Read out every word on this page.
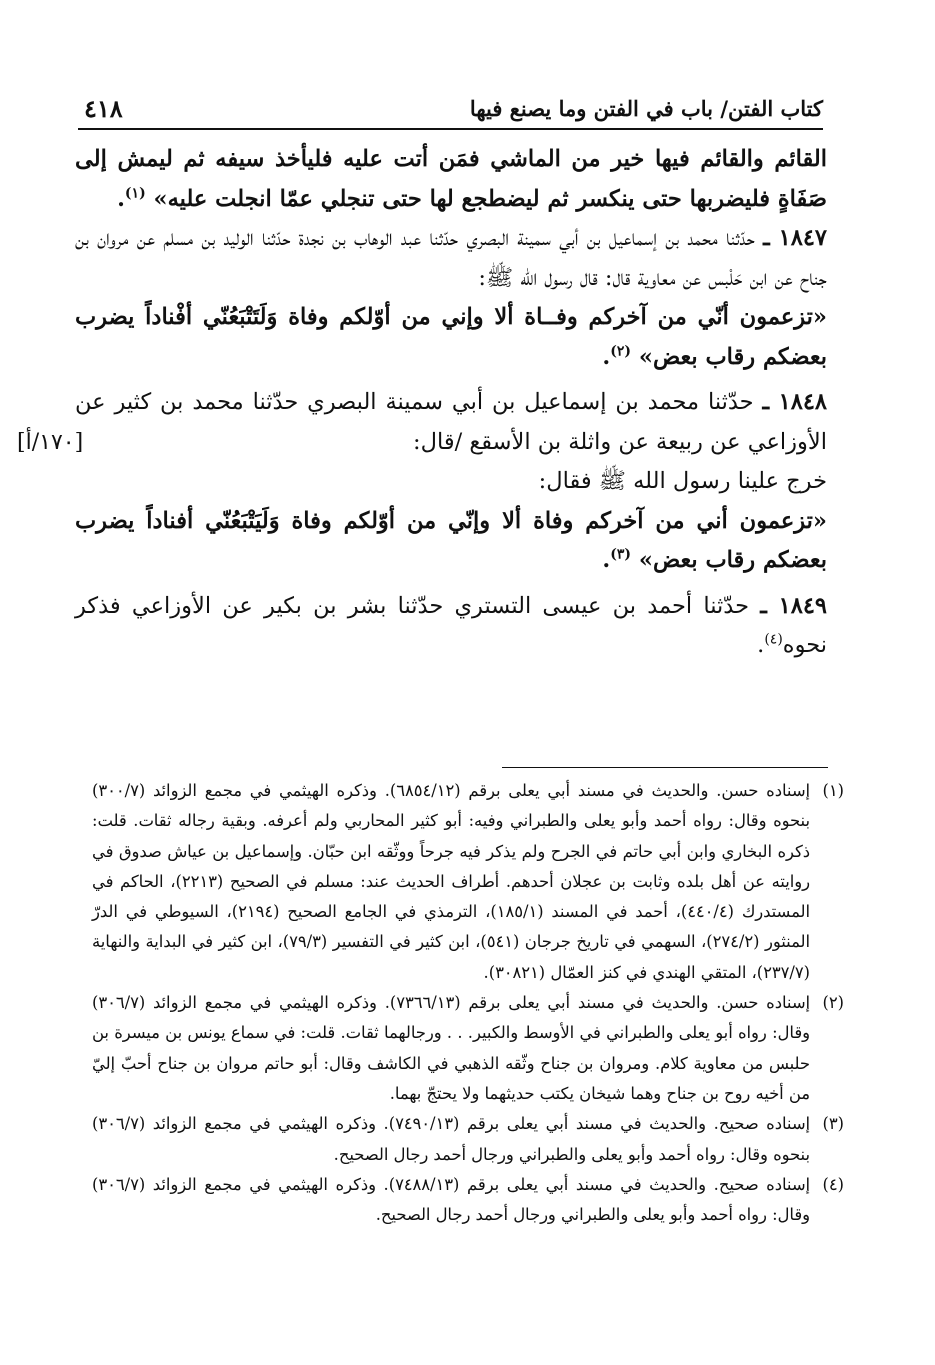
كتاب الفتن/ باب في الفتن وما يصنع فيها
٤١٨

القائم والقائم فيها خير من الماشي فمَن أتت عليه فليأخذ سيفه ثم ليمش إلى صَفَاةٍ فليضربها حتى ينكسر ثم ليضطجع لها حتى تنجلي عمّا انجلت عليه» $^{(١)}$.

١٨٤٧ ـ حدّثنا محمد بن إسماعيل بن أبي سمينة البصري حدّثنا عبد الوهاب بن نجدة حدّثنا الوليد بن مسلم عن مروان بن جناح عن ابن حَلْبس عن معاوية قال: قال رسول الله ﷺ:

«تزعمون أنّي من آخركم وفــاة ألا وإني من أوّلكم وفاة وَلَتَتْبَعُنّي أفْناداً يضرب بعضكم رقاب بعض» $^{(٢)}$.

١٨٤٨ ـ حدّثنا محمد بن إسماعيل بن أبي سمينة البصري حدّثنا محمد بن كثير عن الأوزاعي عن ربيعة عن واثلة بن الأسقع /قال:
[١٧٠/أ]

خرج علينا رسول الله ﷺ فقال:

«تزعمون أني من آخركم وفاة ألا وإنّي من أوّلكم وفاة وَلَيَتْبَعُنّي أفناداً يضرب بعضكم رقاب بعض» $^{(٣)}$.

١٨٤٩ ـ حدّثنا أحمد بن عيسى التستري حدّثنا بشر بن بكير عن الأوزاعي فذكر نحوه$^{(٤)}$.

(١)إسناده حسن. والحديث في مسند أبي يعلى برقم (٦٨٥٤/١٢). وذكره الهيثمي في مجمع الزوائد (٣٠٠/٧) بنحوه وقال: رواه أحمد وأبو يعلى والطبراني وفيه: أبو كثير المحاربي ولم أعرفه. وبقية رجاله ثقات. قلت: ذكره البخاري وابن أبي حاتم في الجرح ولم يذكر فيه جرحاً ووثّقه ابن حبّان. وإسماعيل بن عياش صدوق في روايته عن أهل بلده وثابت بن عجلان أحدهم. أطراف الحديث عند: مسلم في الصحيح (٢٢١٣)، الحاكم في المستدرك (٤٤٠/٤)، أحمد في المسند (١٨٥/١)، الترمذي في الجامع الصحيح (٢١٩٤)، السيوطي في الدرّ المنثور (٢٧٤/٢)، السهمي في تاريخ جرجان (٥٤١)، ابن كثير في التفسير (٧٩/٣)، ابن كثير في البداية والنهاية (٢٣٧/٧)، المتقي الهندي في كنز العمّال (٣٠٨٢١).

(٢)إسناده حسن. والحديث في مسند أبي يعلى برقم (٧٣٦٦/١٣). وذكره الهيثمي في مجمع الزوائد (٣٠٦/٧) وقال: رواه أبو يعلى والطبراني في الأوسط والكبير. . . ورجالهما ثقات. قلت: في سماع يونس بن ميسرة بن حلبس من معاوية كلام. ومروان بن جناح وثّقه الذهبي في الكاشف وقال: أبو حاتم مروان بن جناح أحبّ إليّ من أخيه روح بن جناح وهما شيخان يكتب حديثهما ولا يحتجّ بهما.

(٣)إسناده صحيح. والحديث في مسند أبي يعلى برقم (٧٤٩٠/١٣). وذكره الهيثمي في مجمع الزوائد (٣٠٦/٧) بنحوه وقال: رواه أحمد وأبو يعلى والطبراني ورجال أحمد رجال الصحيح.

(٤)إسناده صحيح. والحديث في مسند أبي يعلى برقم (٧٤٨٨/١٣). وذكره الهيثمي في مجمع الزوائد (٣٠٦/٧) وقال: رواه أحمد وأبو يعلى والطبراني ورجال أحمد رجال الصحيح.
